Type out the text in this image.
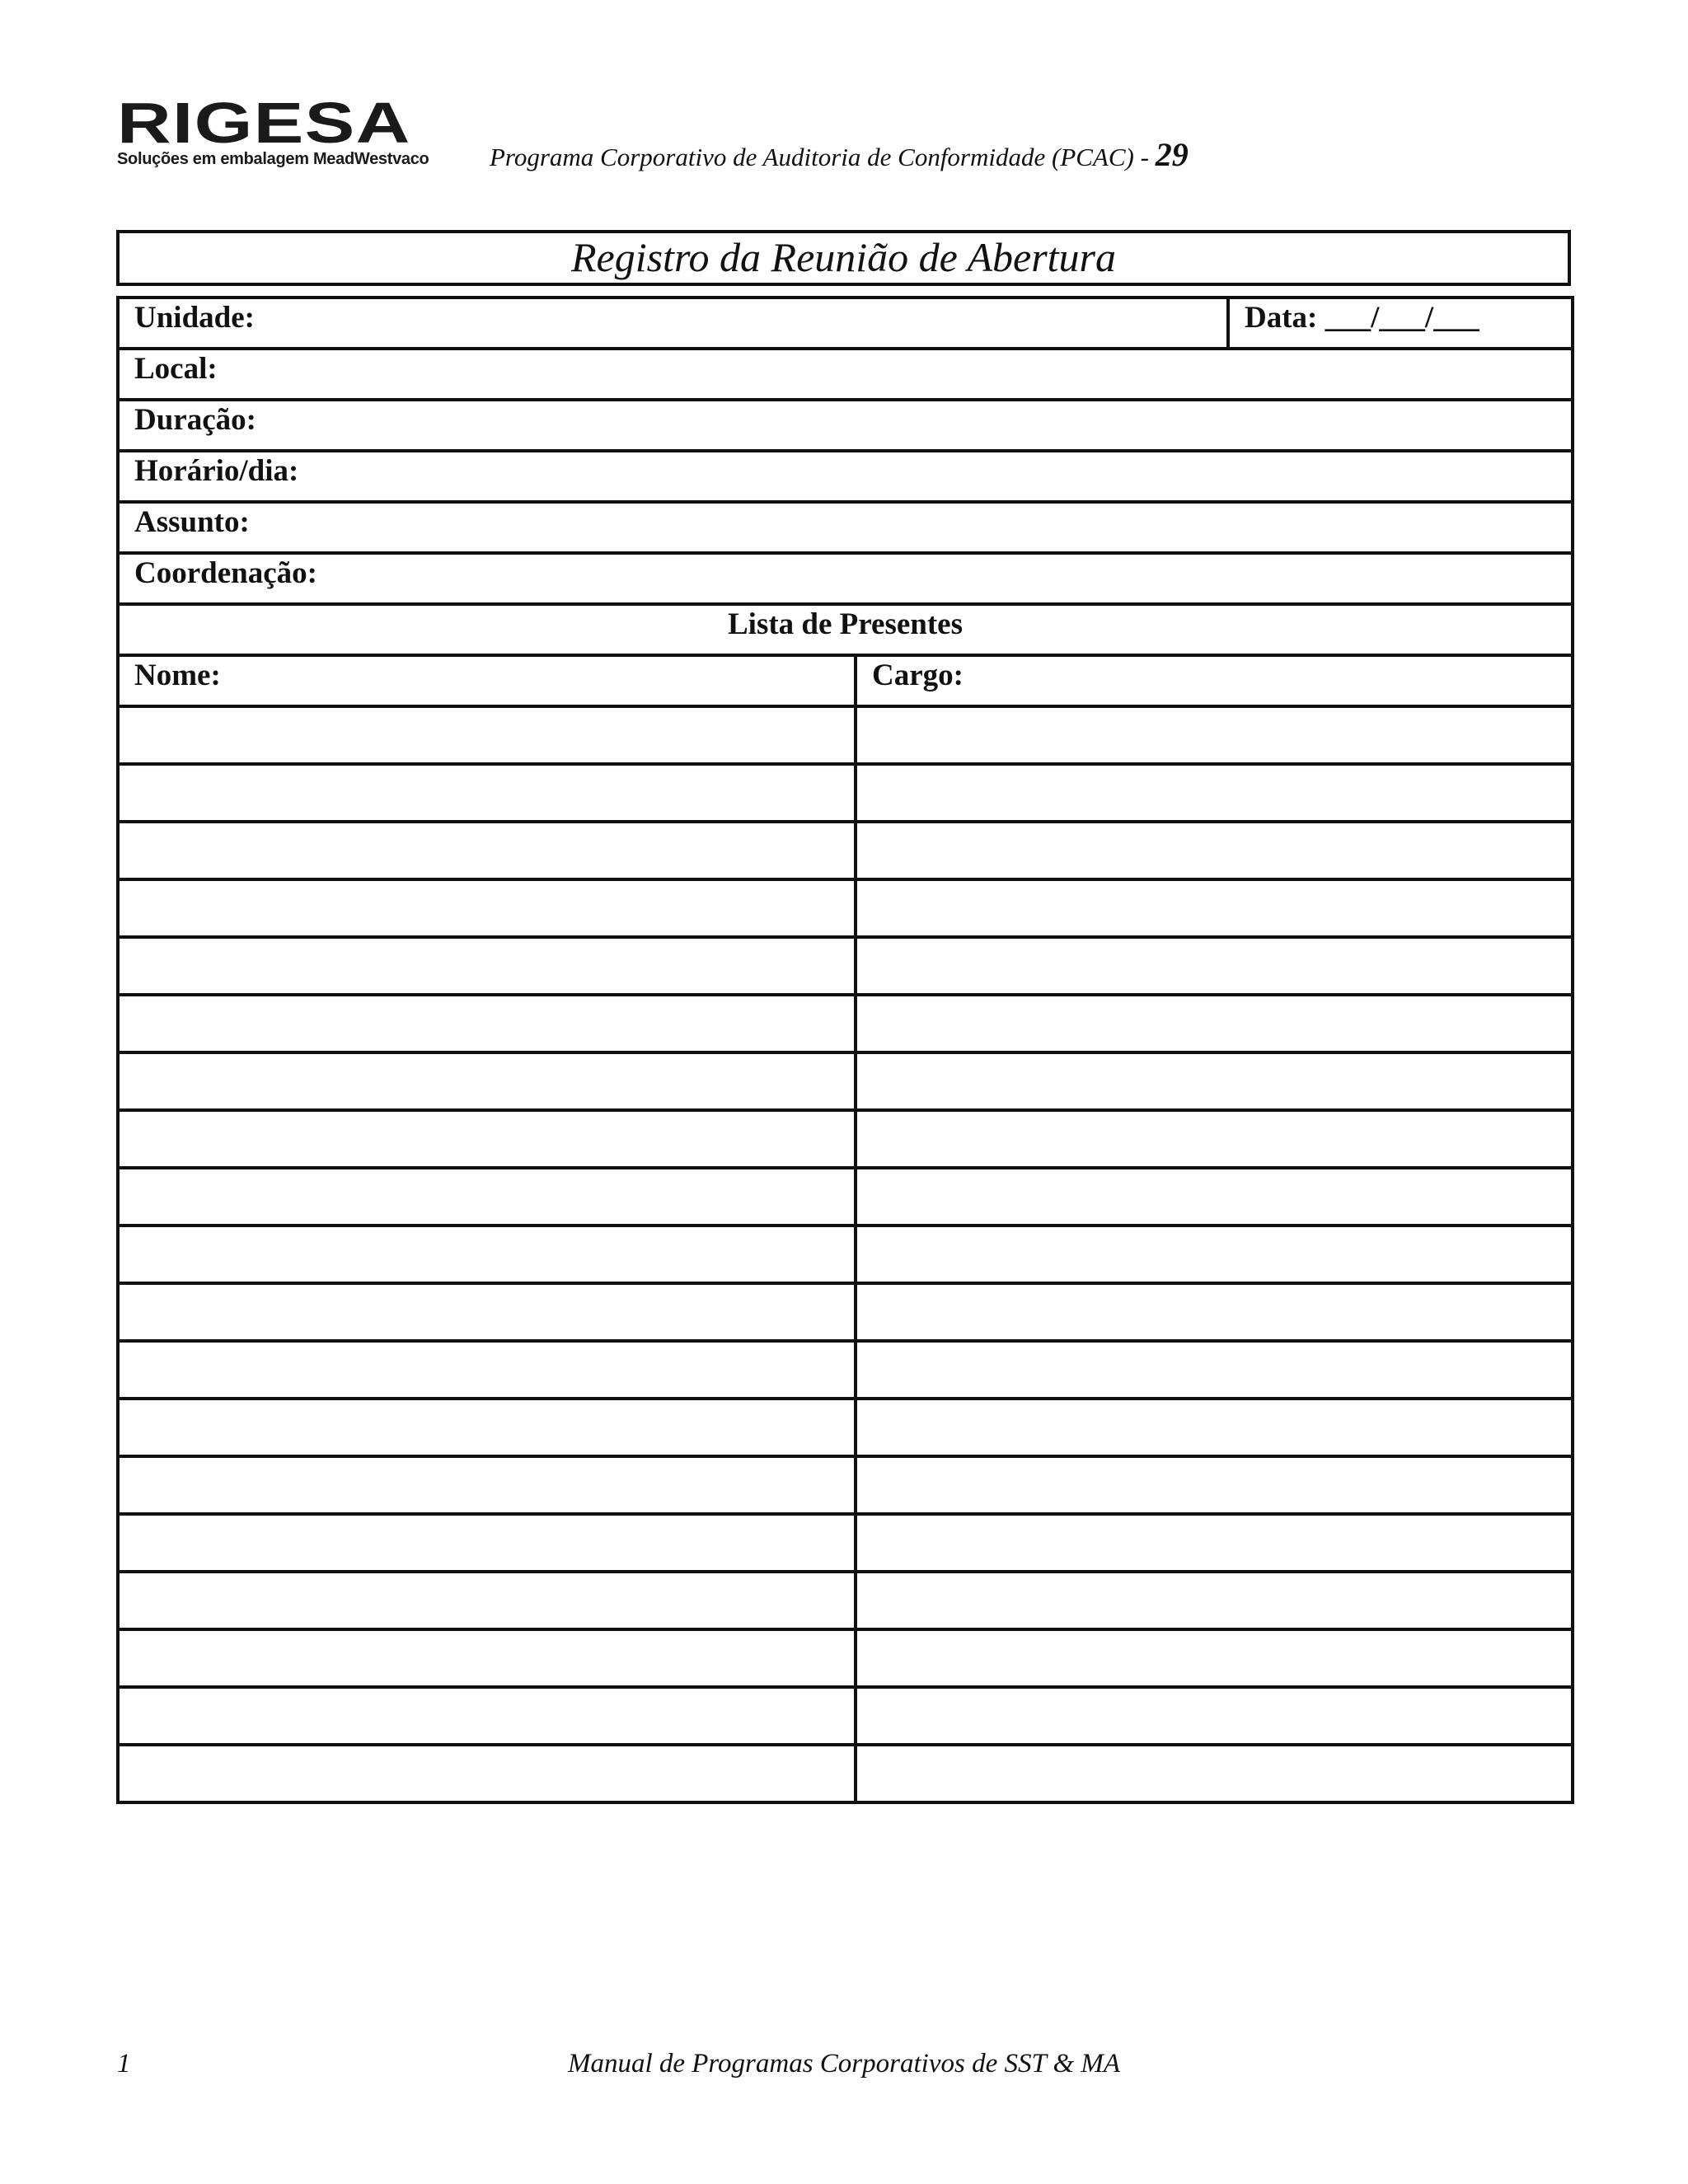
RIGESA
Soluções em embalagem MeadWestvaco Programa Corporativo de Auditoria de Conformidade (PCAC) - 29
Registro da Reunião de Abertura
Unidade:		Data: ___/___/___
Local:		
Duração:		
Horário/dia:		
Assunto:		
Coordenação:		
Lista de Presentes		
Nome:	Cargo:	

1	Manual de Programas Corporativos de SST & MA
